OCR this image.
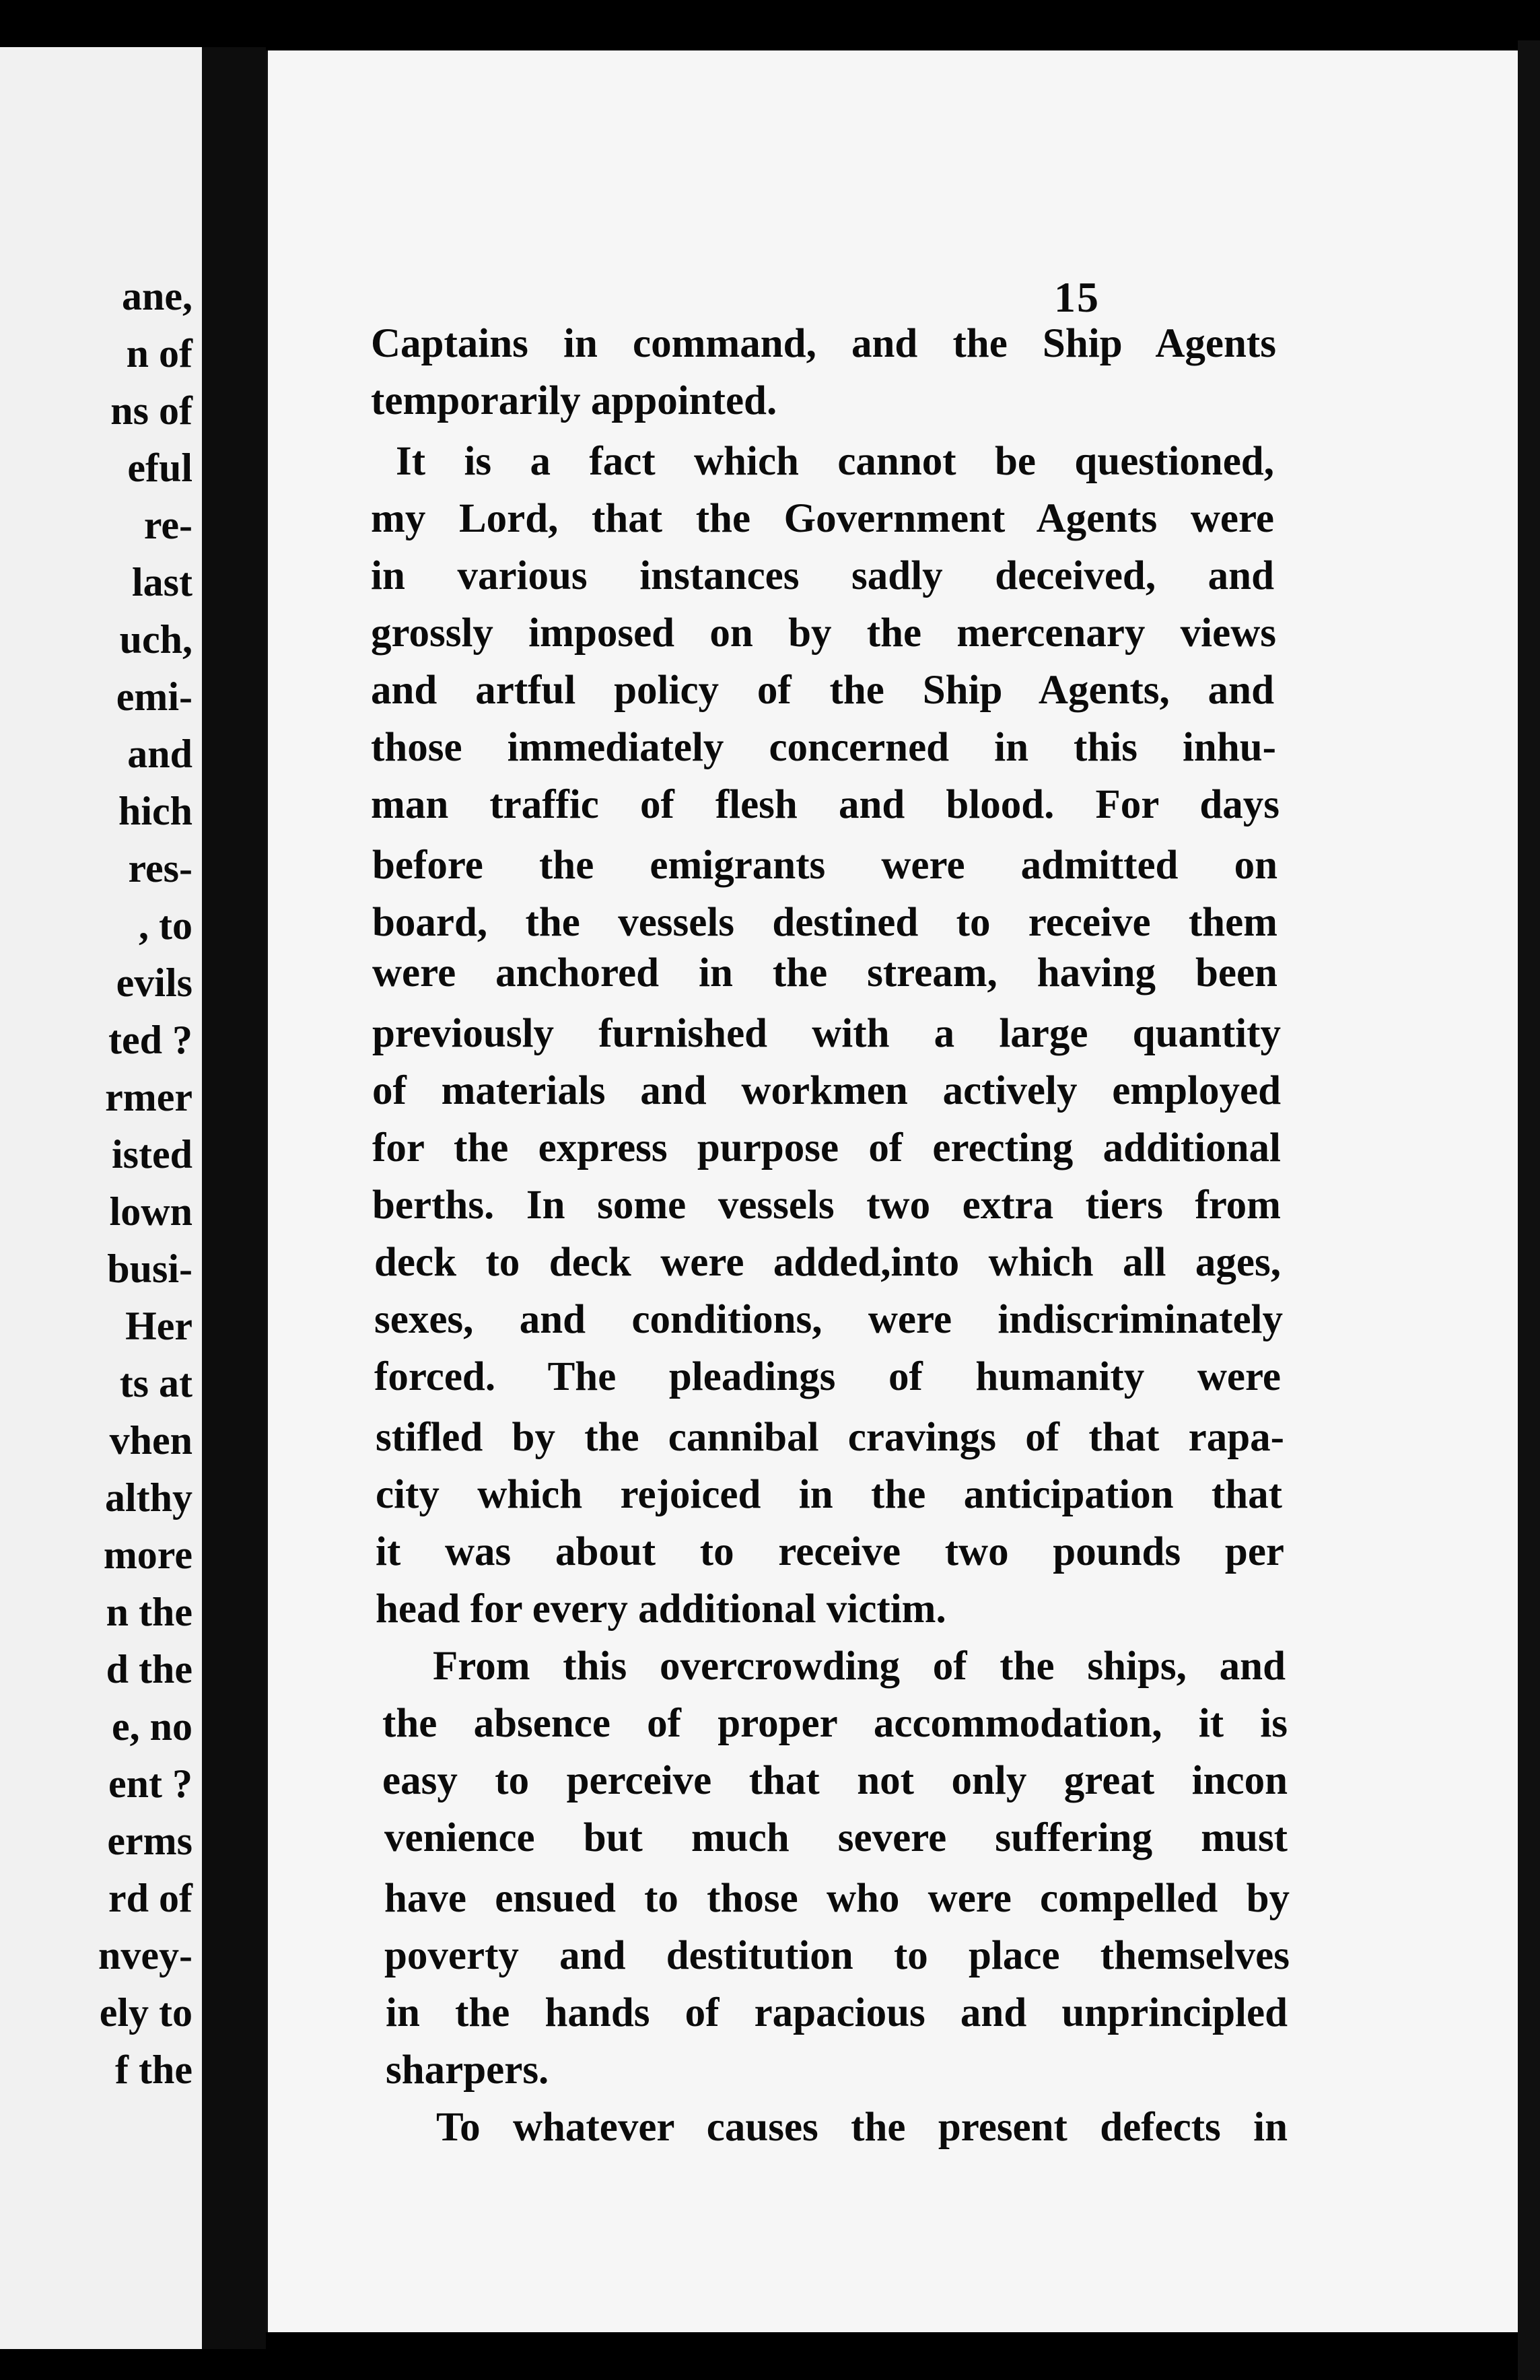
ane,
n of
ns of
eful
re-
last
uch,
emi-
and
hich
res-
, to
evils
ted ?
rmer
isted
lown
busi-
Her
ts at
vhen
althy
more
n the
d the
e, no
ent ?
erms
rd of
nvey-
ely to
f the
15
Captains in command, and the Ship Agents
temporarily appointed.
It is a fact which cannot be questioned,
my Lord, that the Government Agents were
in various instances sadly deceived, and
grossly imposed on by the mercenary views
and artful policy of the Ship Agents, and
those immediately concerned in this inhu-
man traffic of flesh and blood. For days
before the emigrants were admitted on
board, the vessels destined to receive them
were anchored in the stream, having been
previously furnished with a large quantity
of materials and workmen actively employed
for the express purpose of erecting additional
berths. In some vessels two extra tiers from
deck to deck were added,into which all ages,
sexes, and conditions, were indiscriminately
forced. The pleadings of humanity were
stifled by the cannibal cravings of that rapa-
city which rejoiced in the anticipation that
it was about to receive two pounds per
head for every additional victim.
From this overcrowding of the ships, and
the absence of proper accommodation, it is
easy to perceive that not only great incon
venience but much severe suffering must
have ensued to those who were compelled by
poverty and destitution to place themselves
in the hands of rapacious and unprincipled
sharpers.
To whatever causes the present defects in
